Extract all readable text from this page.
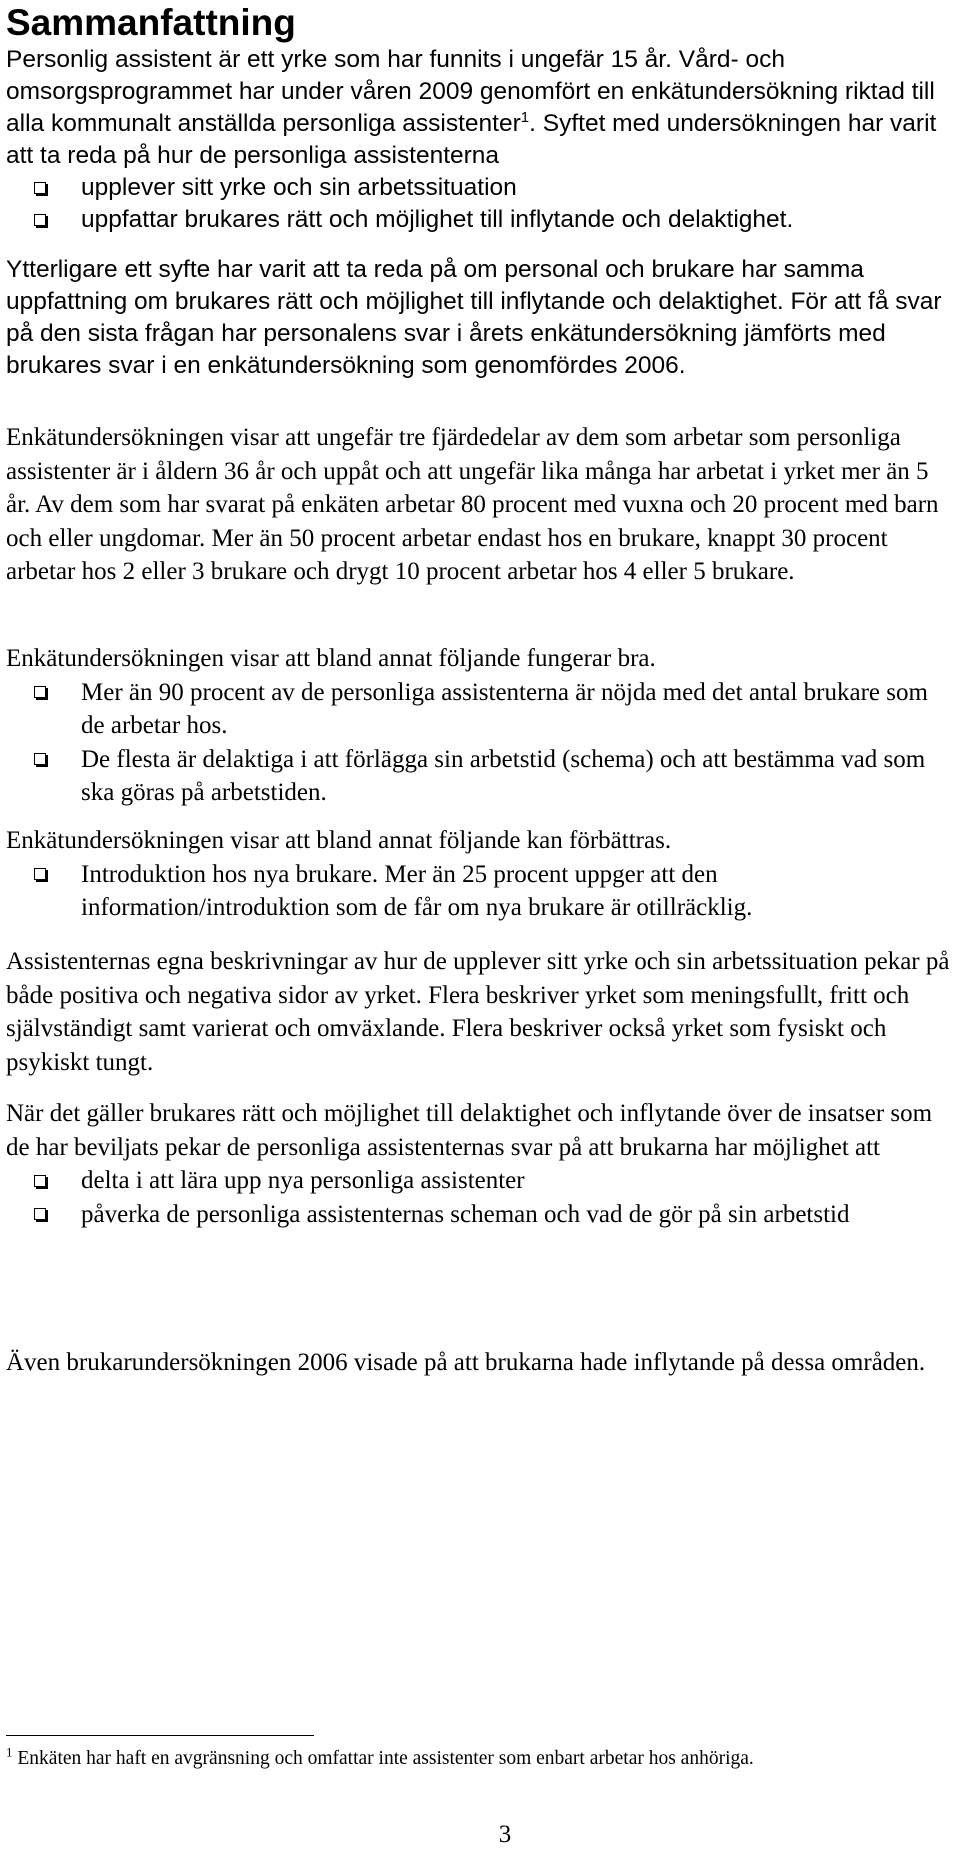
Sammanfattning

Personlig assistent är ett yrke som har funnits i ungefär 15 år. Vård- och omsorgsprogrammet har under våren 2009 genomfört en enkätundersökning riktad till alla kommunalt anställda personliga assistenter$^1$. Syftet med undersökningen har varit att ta reda på hur de personliga assistenterna

upplever sitt yrke och sin arbetssituation
uppfattar brukares rätt och möjlighet till inflytande och delaktighet.

Ytterligare ett syfte har varit att ta reda på om personal och brukare har samma uppfattning om brukares rätt och möjlighet till inflytande och delaktighet. För att få svar på den sista frågan har personalens svar i årets enkätundersökning jämförts med brukares svar i en enkätundersökning som genomfördes 2006.

Enkätundersökningen visar att ungefär tre fjärdedelar av dem som arbetar som personliga assistenter är i åldern 36 år och uppåt och att ungefär lika många har arbetat i yrket mer än 5 år. Av dem som har svarat på enkäten arbetar 80 procent med vuxna och 20 procent med barn och eller ungdomar. Mer än 50 procent arbetar endast hos en brukare, knappt 30 procent arbetar hos 2 eller 3 brukare och drygt 10 procent arbetar hos 4 eller 5 brukare.

Enkätundersökningen visar att bland annat följande fungerar bra.

Mer än 90 procent av de personliga assistenterna är nöjda med det antal brukare som de arbetar hos.
De flesta är delaktiga i att förlägga sin arbetstid (schema) och att bestämma vad som ska göras på arbetstiden.

Enkätundersökningen visar att bland annat följande kan förbättras.

Introduktion hos nya brukare. Mer än 25 procent uppger att den information/introduktion som de får om nya brukare är otillräcklig.

Assistenternas egna beskrivningar av hur de upplever sitt yrke och sin arbetssituation pekar på både positiva och negativa sidor av yrket. Flera beskriver yrket som meningsfullt, fritt och självständigt samt varierat och omväxlande. Flera beskriver också yrket som fysiskt och psykiskt tungt.

När det gäller brukares rätt och möjlighet till delaktighet och inflytande över de insatser som de har beviljats pekar de personliga assistenternas svar på att brukarna har möjlighet att

delta i att lära upp nya personliga assistenter
påverka de personliga assistenternas scheman och vad de gör på sin arbetstid

Även brukarundersökningen 2006 visade på att brukarna hade inflytande på dessa områden.

$^1$ Enkäten har haft en avgränsning och omfattar inte assistenter som enbart arbetar hos anhöriga.

3
